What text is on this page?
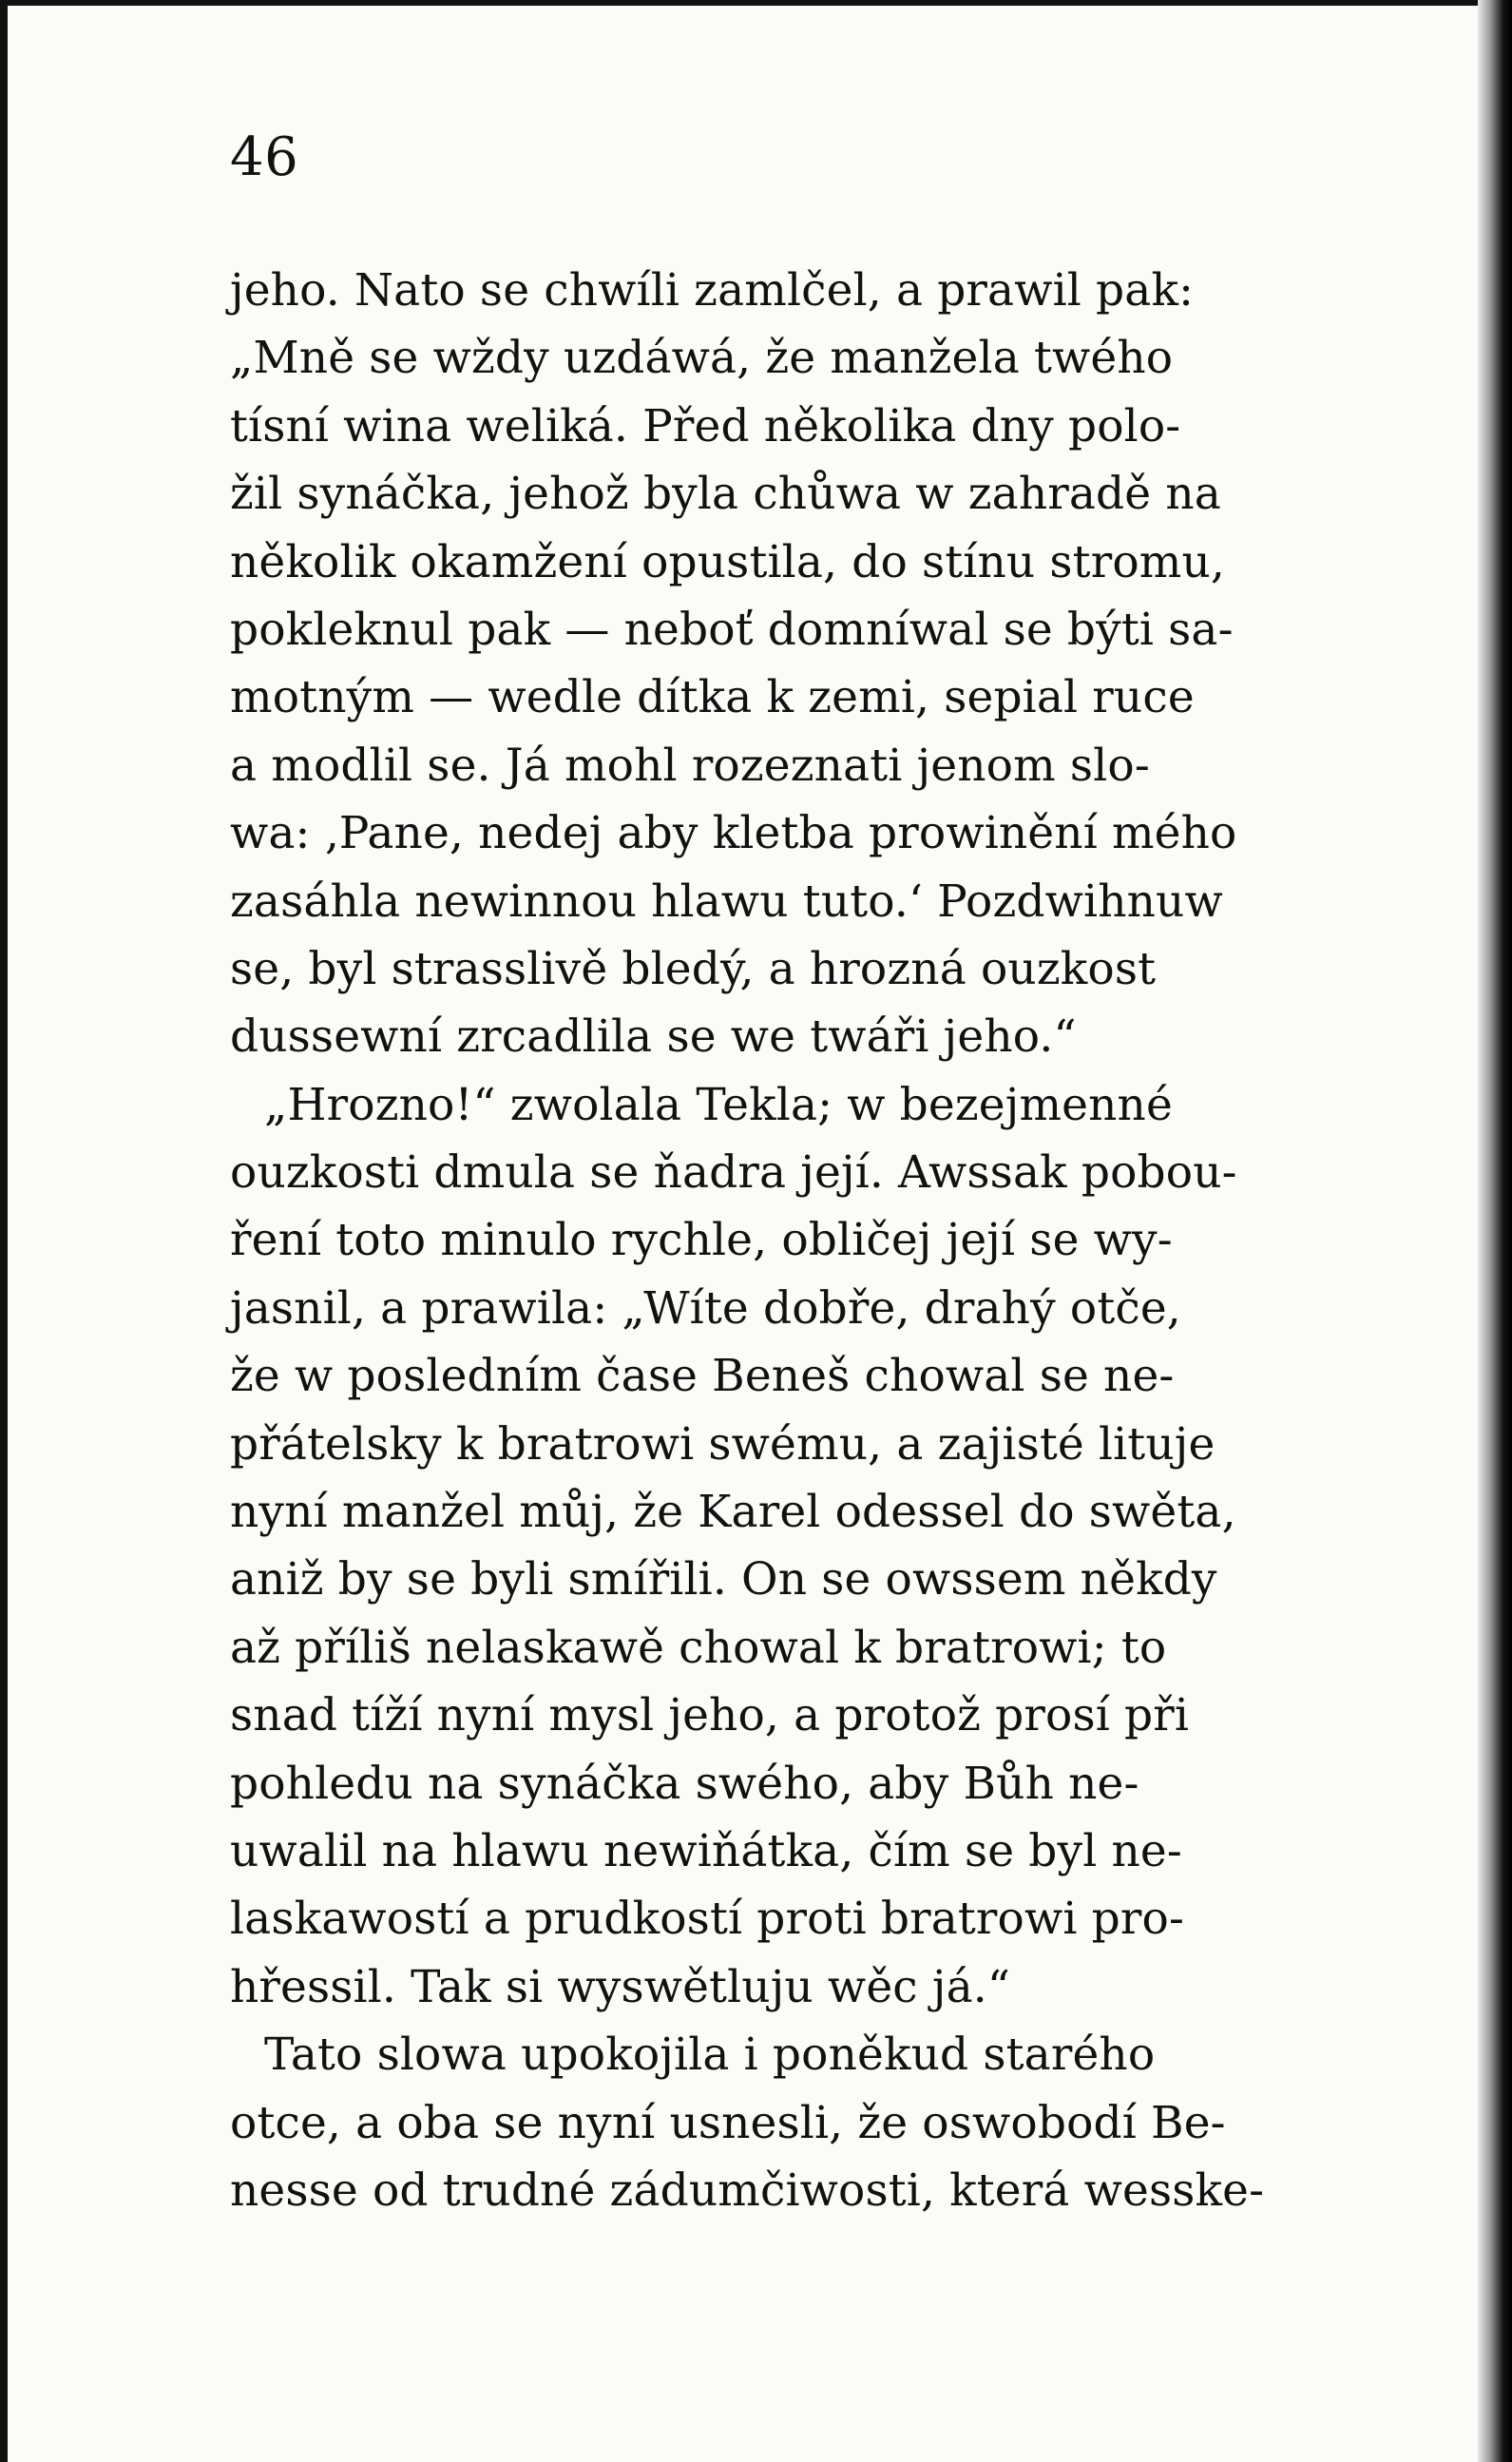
46
jeho. Nato se chwíli zamlčel, a prawil pak:
„Mně se wždy uzdáwá, že manžela twého
tísní wina weliká. Před několika dny polo-
žil synáčka, jehož byla chůwa w zahradě na
několik okamžení opustila, do stínu stromu,
pokleknul pak — neboť domníwal se býti sa-
motným — wedle dítka k zemi, sepial ruce
a modlil se. Já mohl rozeznati jenom slo-
wa: ‚Pane, nedej aby kletba prowinění mého
zasáhla newinnou hlawu tuto.‘ Pozdwihnuw
se, byl strasslivě bledý, a hrozná ouzkost
dussewní zrcadlila se we twáři jeho.“
„Hrozno!“ zwolala Tekla; w bezejmenné
ouzkosti dmula se ňadra její. Awssak pobou-
ření toto minulo rychle, obličej její se wy-
jasnil, a prawila: „Wíte dobře, drahý otče,
že w posledním čase Beneš chowal se ne-
přátelsky k bratrowi swému, a zajisté lituje
nyní manžel můj, že Karel odessel do swěta,
aniž by se byli smířili. On se owssem někdy
až příliš nelaskawě chowal k bratrowi; to
snad tíží nyní mysl jeho, a protož prosí při
pohledu na synáčka swého, aby Bůh ne-
uwalil na hlawu newiňátka, čím se byl ne-
laskawostí a prudkostí proti bratrowi pro-
hřessil. Tak si wyswětluju wěc já.“
Tato slowa upokojila i poněkud starého
otce, a oba se nyní usnesli, že oswobodí Be-
nesse od trudné zádumčiwosti, která wesske-
